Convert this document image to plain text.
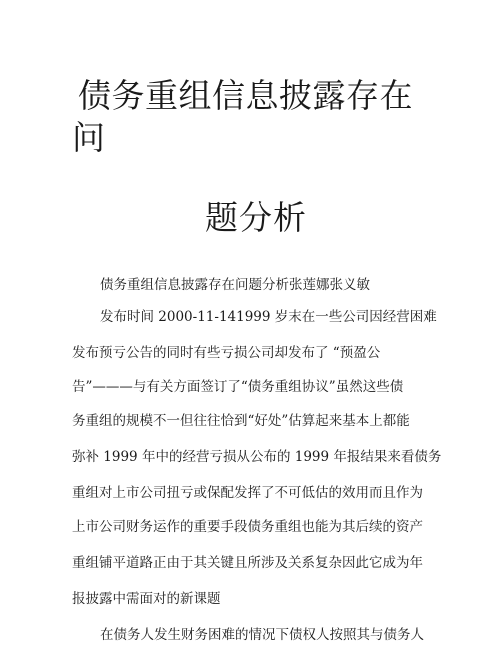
债务重组信息披露存在
问
题分析
债务重组信息披露存在问题分析张莲娜张义敏
发布时间 2000-11-141999 岁末在一些公司因经营困难
发布预亏公告的同时有些亏损公司却发布了 “预盈公
告”———与有关方面签订了“债务重组协议”虽然这些债
务重组的规模不一但往往恰到“好处”估算起来基本上都能
弥补 1999 年中的经营亏损从公布的 1999 年报结果来看债务
重组对上市公司扭亏或保配发挥了不可低估的效用而且作为
上市公司财务运作的重要手段债务重组也能为其后续的资产
重组铺平道路正由于其关键且所涉及关系复杂因此它成为年
报披露中需面对的新课题
在债务人发生财务困难的情况下债权人按照其与债务人
